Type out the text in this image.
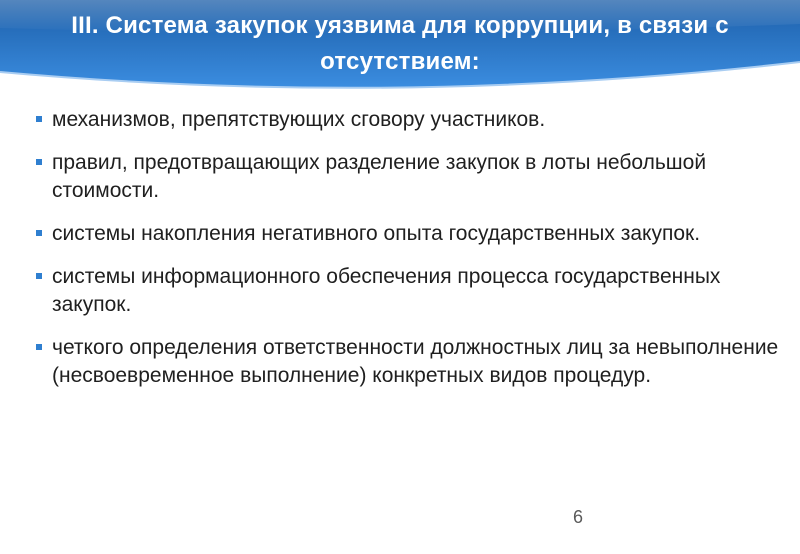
III. Система закупок уязвима для коррупции, в связи с отсутствием:
механизмов, препятствующих сговору участников.
правил, предотвращающих разделение закупок в лоты небольшой стоимости.
системы накопления негативного опыта государственных закупок.
системы информационного обеспечения процесса государственных закупок.
четкого определения ответственности должностных лиц за невыполнение (несвоевременное выполнение) конкретных видов процедур.
6
